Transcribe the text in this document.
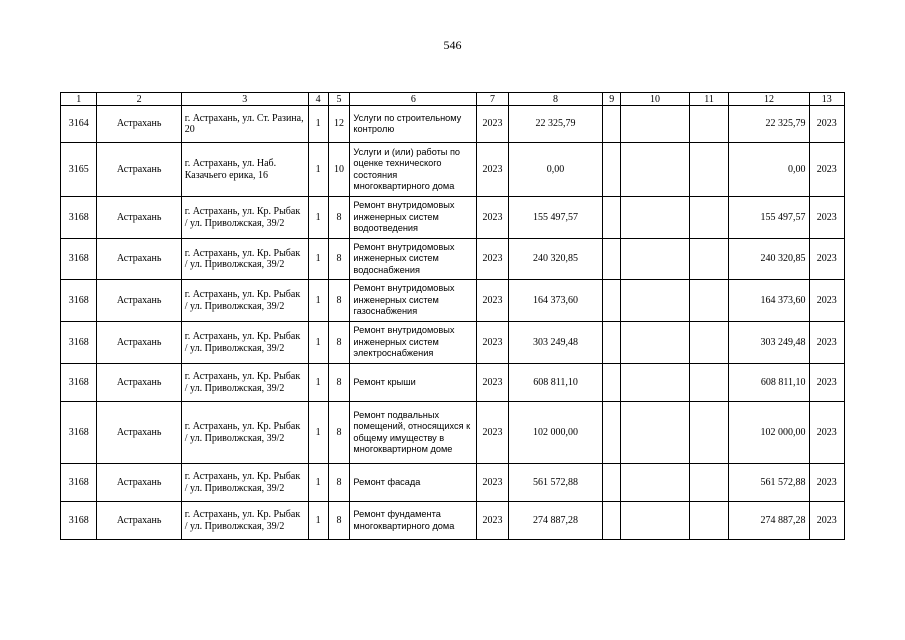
546
1	2	3	4	5	6	7	8	9	10	11	12	13
3164	Астрахань	г. Астрахань, ул. Ст. Разина, 20	1	12	Услуги по строительному контролю	2023	22 325,79				22 325,79	2023
3165	Астрахань	г. Астрахань, ул. Наб. Казачьего ерика, 16	1	10	Услуги и (или) работы по оценке технического состояния многоквартирного дома	2023	0,00				0,00	2023
3168	Астрахань	г. Астрахань, ул. Кр. Рыбак / ул. Приволжская, 39/2	1	8	Ремонт внутридомовых инженерных систем водоотведения	2023	155 497,57				155 497,57	2023
3168	Астрахань	г. Астрахань, ул. Кр. Рыбак / ул. Приволжская, 39/2	1	8	Ремонт внутридомовых инженерных систем водоснабжения	2023	240 320,85				240 320,85	2023
3168	Астрахань	г. Астрахань, ул. Кр. Рыбак / ул. Приволжская, 39/2	1	8	Ремонт внутридомовых инженерных систем газоснабжения	2023	164 373,60				164 373,60	2023
3168	Астрахань	г. Астрахань, ул. Кр. Рыбак / ул. Приволжская, 39/2	1	8	Ремонт внутридомовых инженерных систем электроснабжения	2023	303 249,48				303 249,48	2023
3168	Астрахань	г. Астрахань, ул. Кр. Рыбак / ул. Приволжская, 39/2	1	8	Ремонт крыши	2023	608 811,10				608 811,10	2023
3168	Астрахань	г. Астрахань, ул. Кр. Рыбак / ул. Приволжская, 39/2	1	8	Ремонт подвальных помещений, относящихся к общему имуществу в многоквартирном доме	2023	102 000,00				102 000,00	2023
3168	Астрахань	г. Астрахань, ул. Кр. Рыбак / ул. Приволжская, 39/2	1	8	Ремонт фасада	2023	561 572,88				561 572,88	2023
3168	Астрахань	г. Астрахань, ул. Кр. Рыбак / ул. Приволжская, 39/2	1	8	Ремонт фундамента многоквартирного дома	2023	274 887,28				274 887,28	2023
